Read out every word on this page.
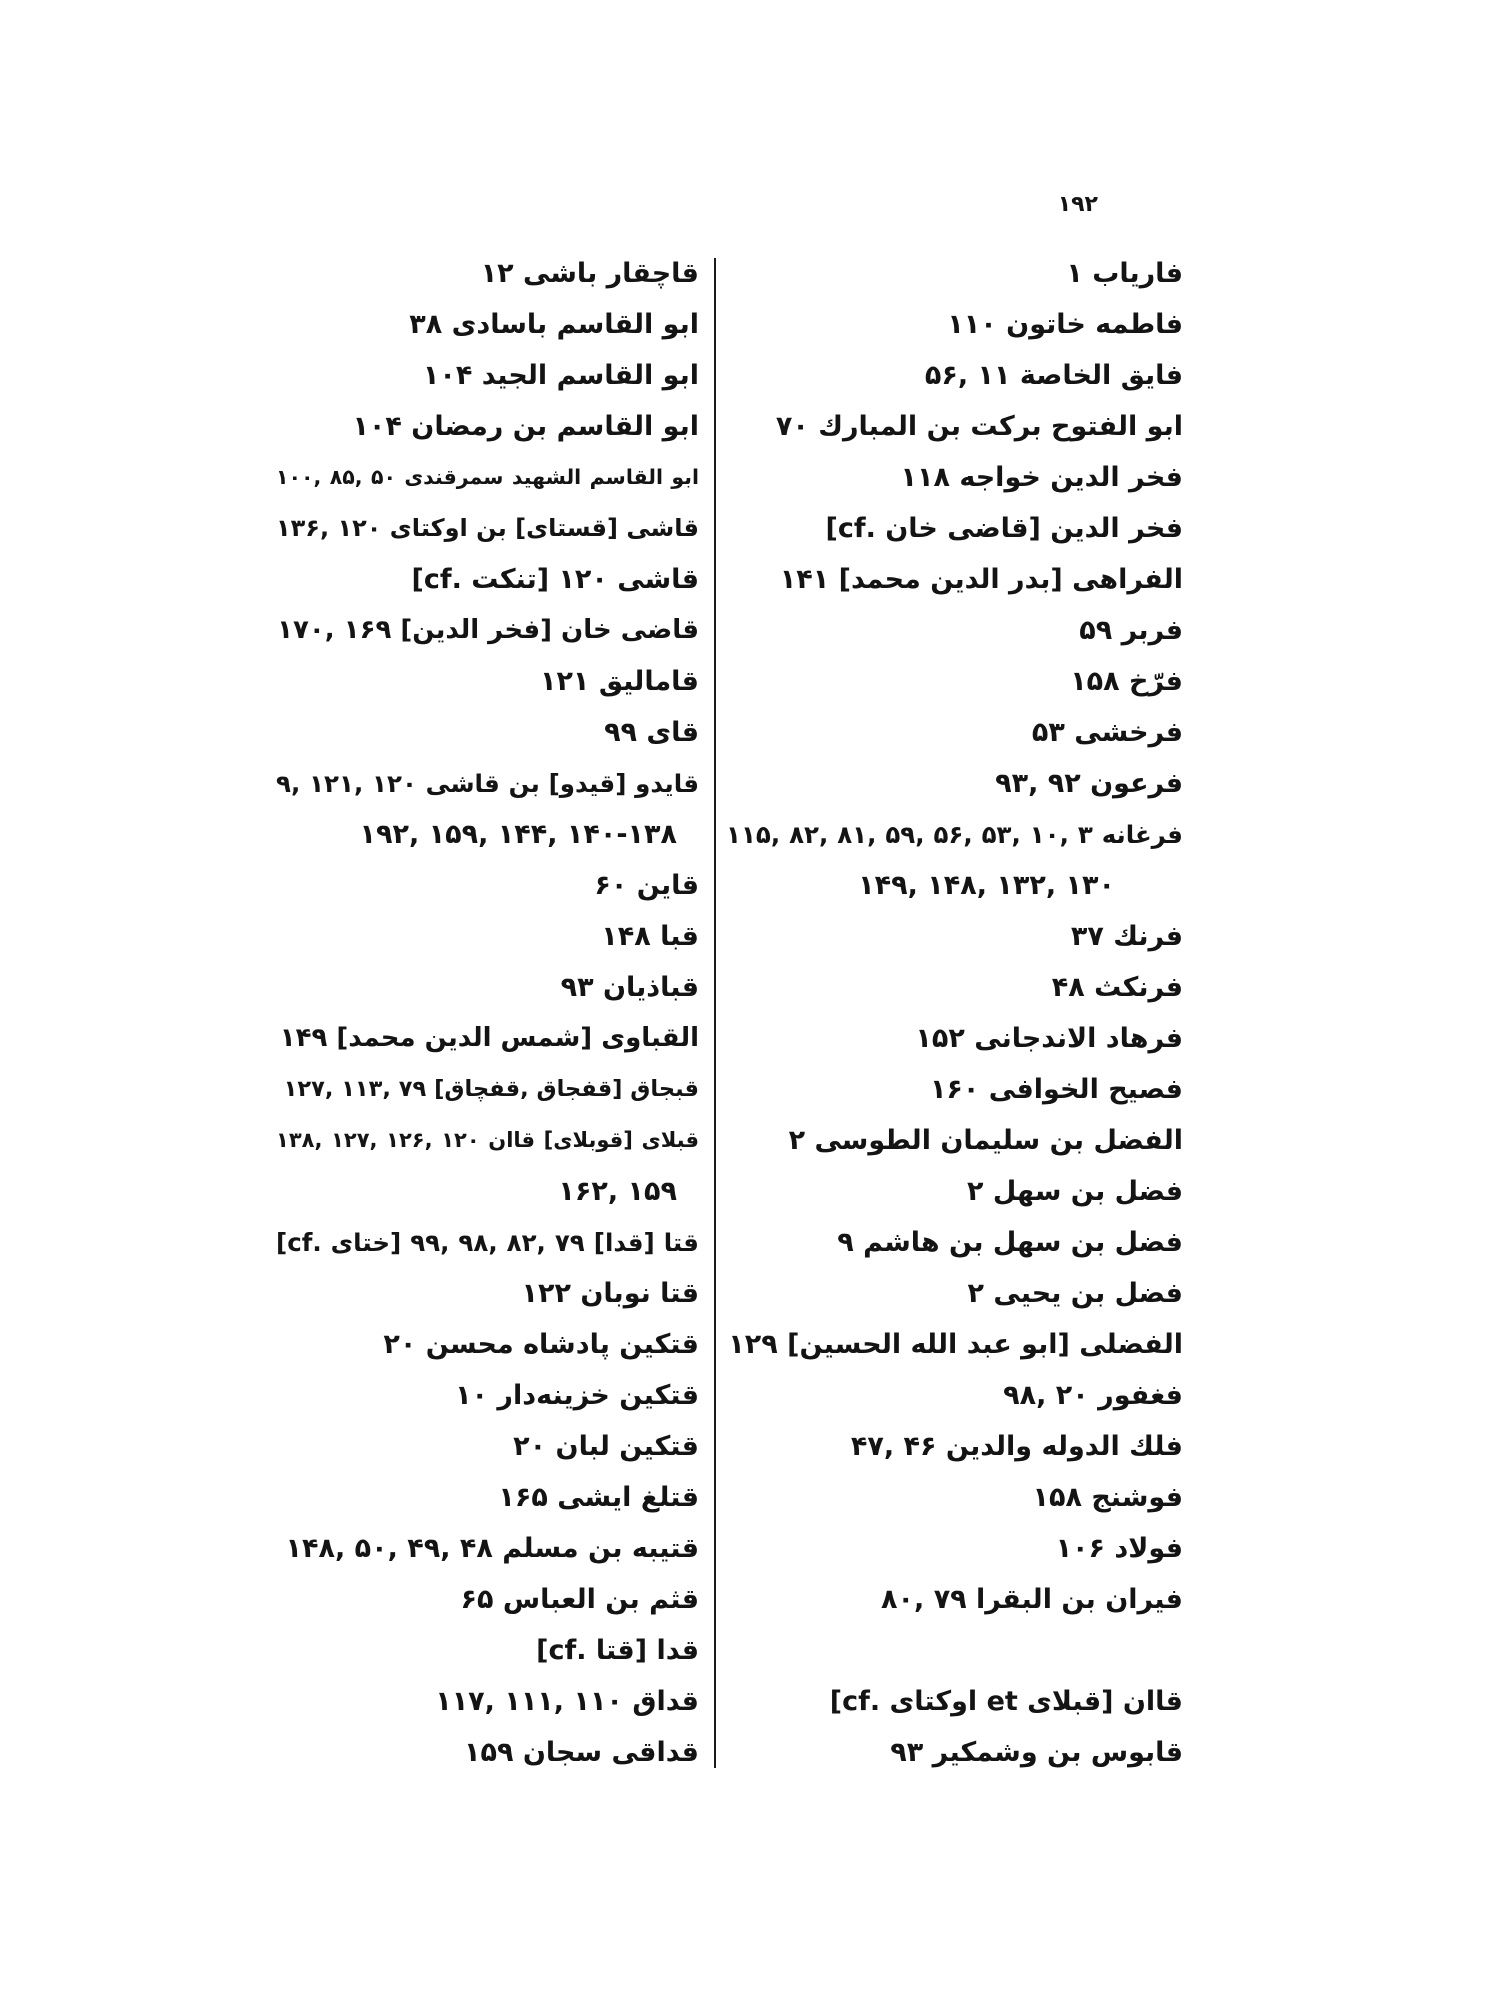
۱۹۲
فارياب ۱
فاطمه خاتون ۱۱۰
فايق الخاصة ۱۱ ,۵۶
ابو الفتوح بركت بن المبارك ۷۰
فخر الدين خواجه ۱۱۸
فخر الدين [قاضى خان .cf]
الفراهى [بدر الدين محمد] ۱۴۱
فربر ۵۹
فرّخ ۱۵۸
فرخشى ۵۳
فرعون ۹۲ ,۹۳
فرغانه ۳ ,۱۰ ,۵۳ ,۵۶ ,۵۹ ,۸۱ ,۸۲ ,۱۱۵
۱۳۰ ,۱۳۲ ,۱۴۸ ,۱۴۹
فرنك ۳۷
فرنكث ۴۸
فرهاد الاندجانى ۱۵۲
فصيح الخوافى ۱۶۰
الفضل بن سليمان الطوسى ۲
فضل بن سهل ۲
فضل بن سهل بن هاشم ۹
فضل بن يحيى ۲
الفضلى [ابو عبد الله الحسين] ۱۲۹
فغفور ۲۰ ,۹۸
فلك الدوله والدين ۴۶ ,۴۷
فوشنج ۱۵۸
فولاد ۱۰۶
فيران بن البقرا ۷۹ ,۸۰
قاان [قبلاى et اوكتاى .cf]
قابوس بن وشمكير ۹۳
قاچقار باشى ۱۲
ابو القاسم باسادى ۳۸
ابو القاسم الجيد ۱۰۴
ابو القاسم بن رمضان ۱۰۴
ابو القاسم الشهيد سمرقندى ۵۰ ,۸۵ ,۱۰۰
قاشى [قستاى] بن اوكتاى ۱۲۰ ,۱۳۶
قاشى ۱۲۰ [تنكت .cf]
قاضى خان [فخر الدين] ۱۶۹ ,۱۷۰
قاماليق ۱۲۱
قاى ۹۹
قايدو [قيدو] بن قاشى ۱۲۰ ,۱۲۱ ,۹
۱۴۰-۱۳۸ ,۱۴۴ ,۱۵۹ ,۱۹۲
قاين ۶۰
قبا ۱۴۸
قباذيان ۹۳
القباوى [شمس الدين محمد] ۱۴۹
قبجاق [قفجاق ,قفچاق] ۷۹ ,۱۱۳ ,۱۲۷
قبلاى [قوبلاى] قاان ۱۲۰ ,۱۲۶ ,۱۲۷ ,۱۳۸
۱۵۹ ,۱۶۲
قتا [قدا] ۷۹ ,۸۲ ,۹۸ ,۹۹ [ختاى .cf]
قتا نوبان ۱۲۲
قتكين پادشاه محسن ۲۰
قتكين خزينه‌دار ۱۰
قتكين لبان ۲۰
قتلغ ايشى ۱۶۵
قتيبه بن مسلم ۴۸ ,۴۹ ,۵۰ ,۱۴۸
قثم بن العباس ۶۵
قدا [قتا .cf]
قداق ۱۱۰ ,۱۱۱ ,۱۱۷
قداقى سجان ۱۵۹
